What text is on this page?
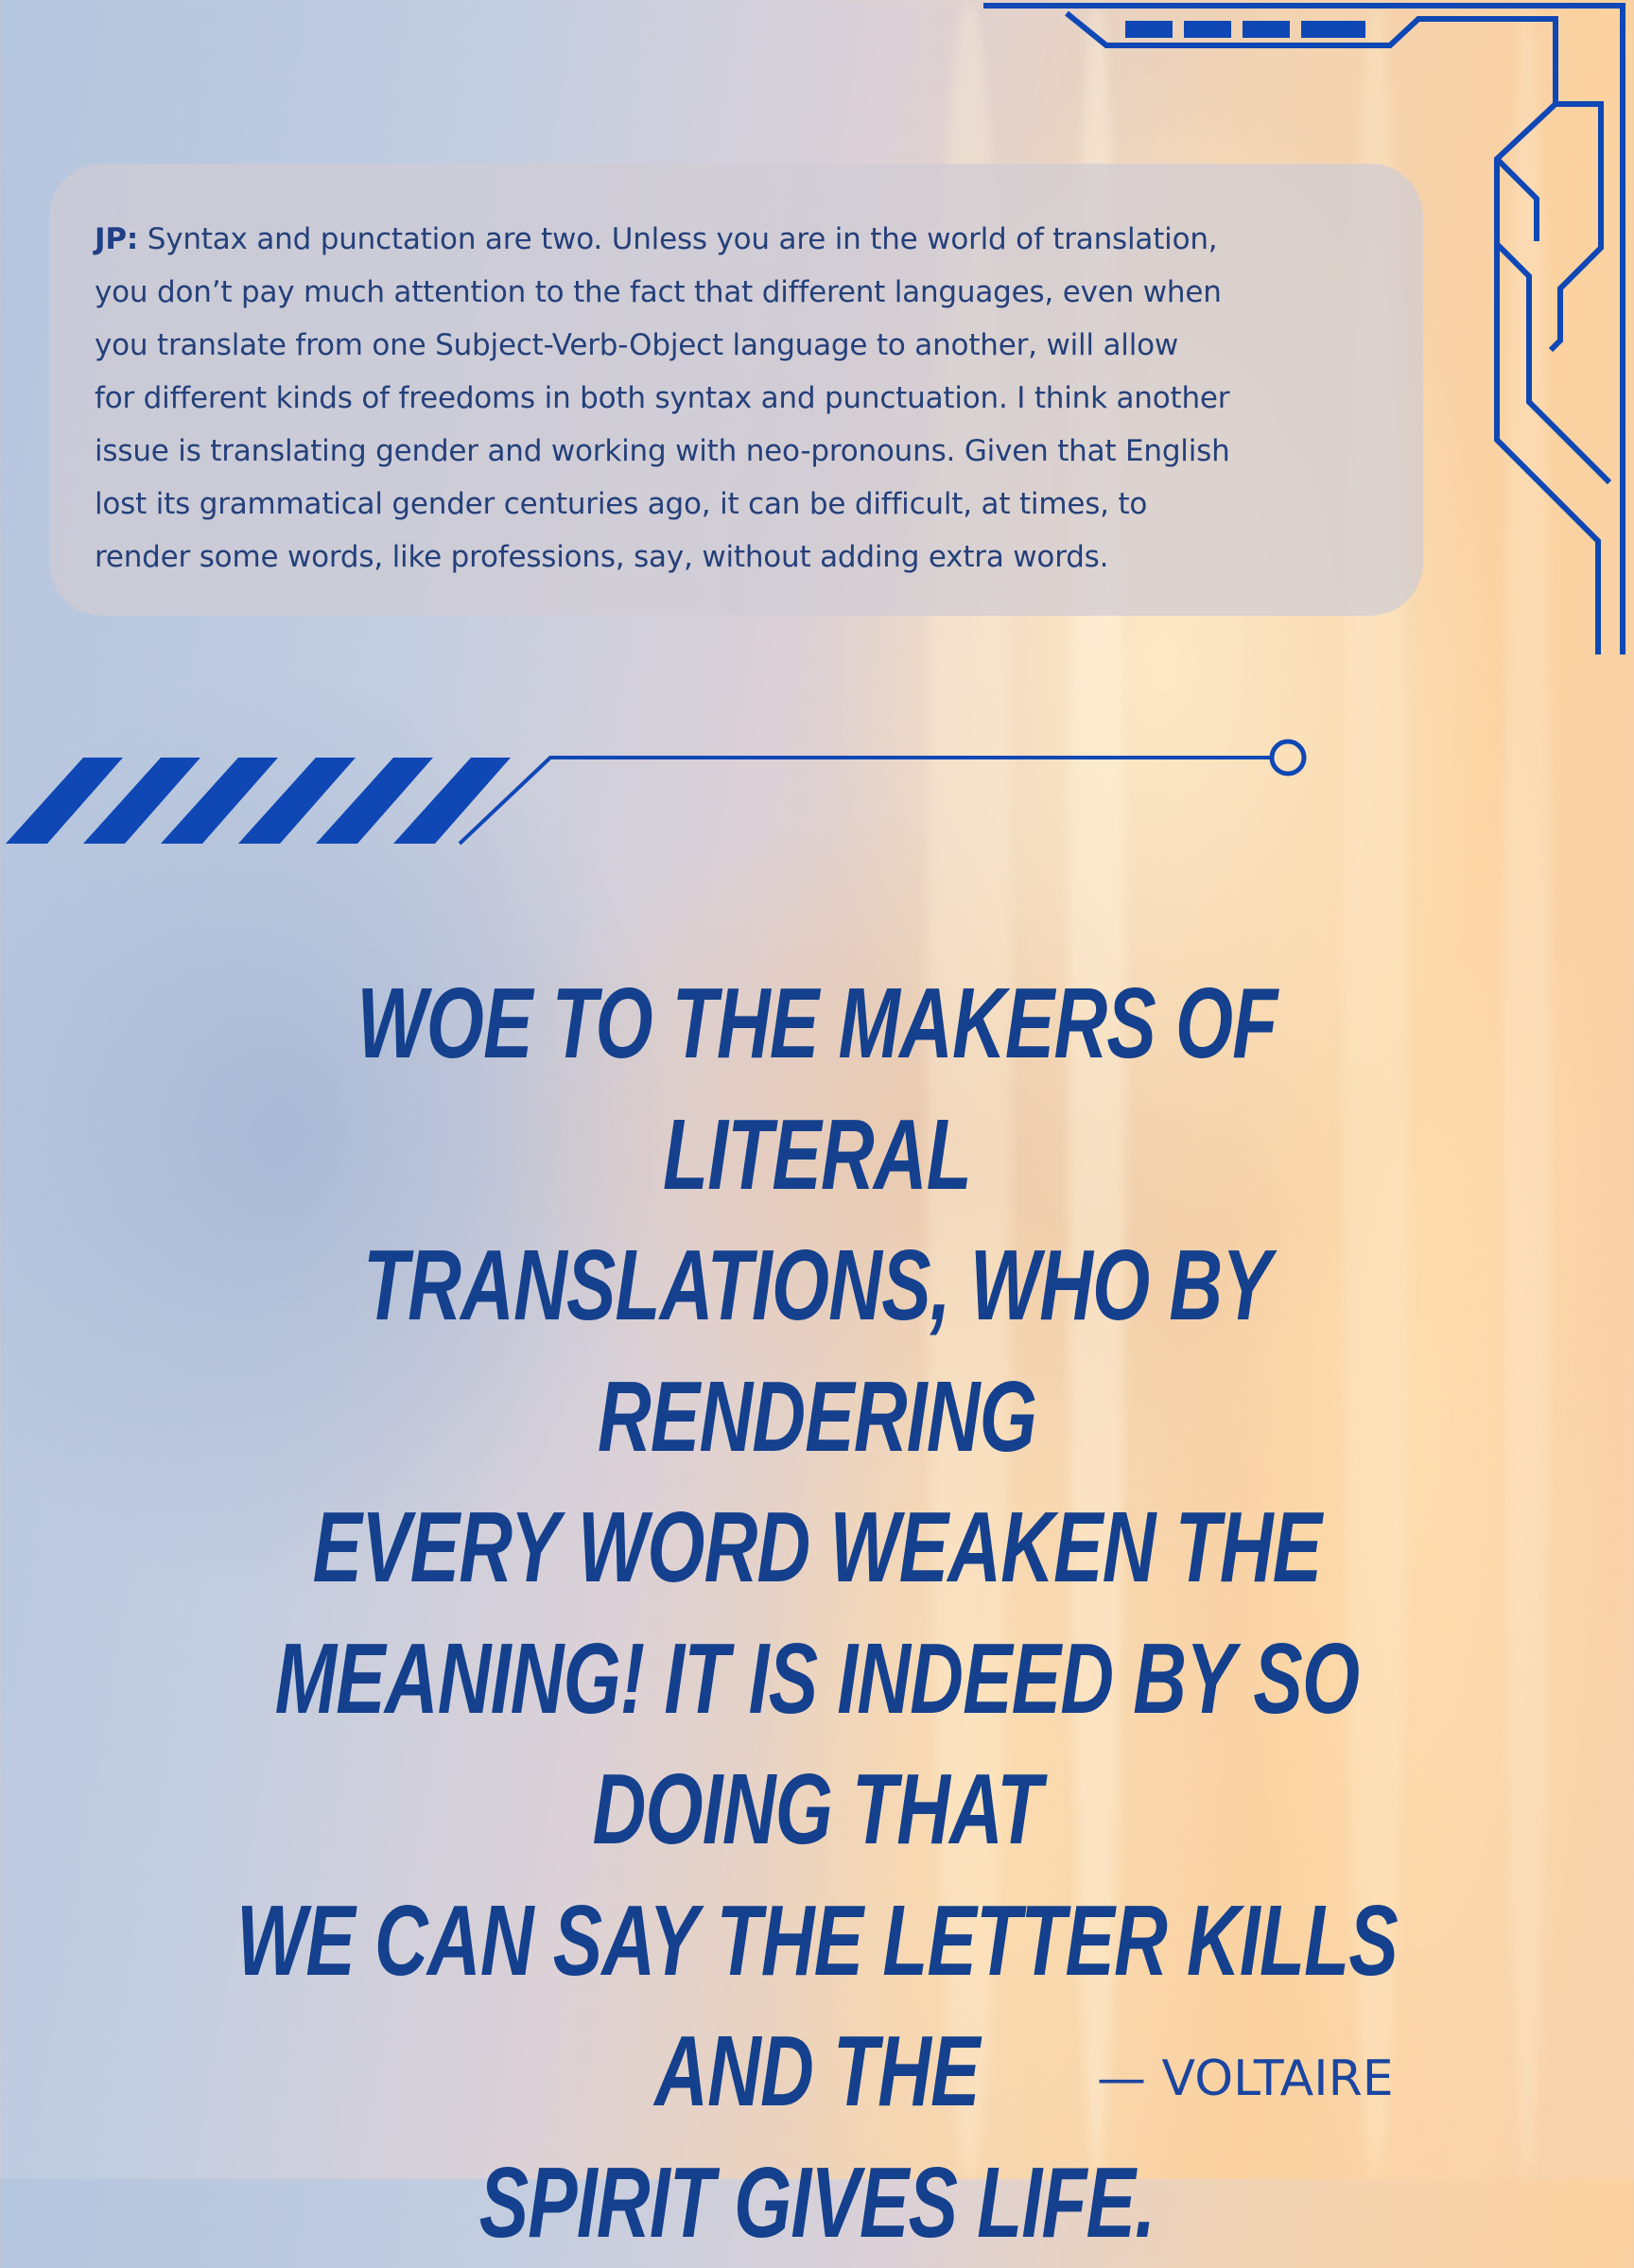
JP: Syntax and punctation are two. Unless you are in the world of translation,
you don’t pay much attention to the fact that different languages, even when
you translate from one Subject-Verb-Object language to another, will allow
for different kinds of freedoms in both syntax and punctuation. I think another
issue is translating gender and working with neo-pronouns. Given that English
lost its grammatical gender centuries ago, it can be difficult, at times, to
render some words, like professions, say, without adding extra words.

WOE TO THE MAKERS OF LITERAL
TRANSLATIONS, WHO BY RENDERING
EVERY WORD WEAKEN THE
MEANING! IT IS INDEED BY SO DOING THAT
WE CAN SAY THE LETTER KILLS AND THE
SPIRIT GIVES LIFE.

— VOLTAIRE
